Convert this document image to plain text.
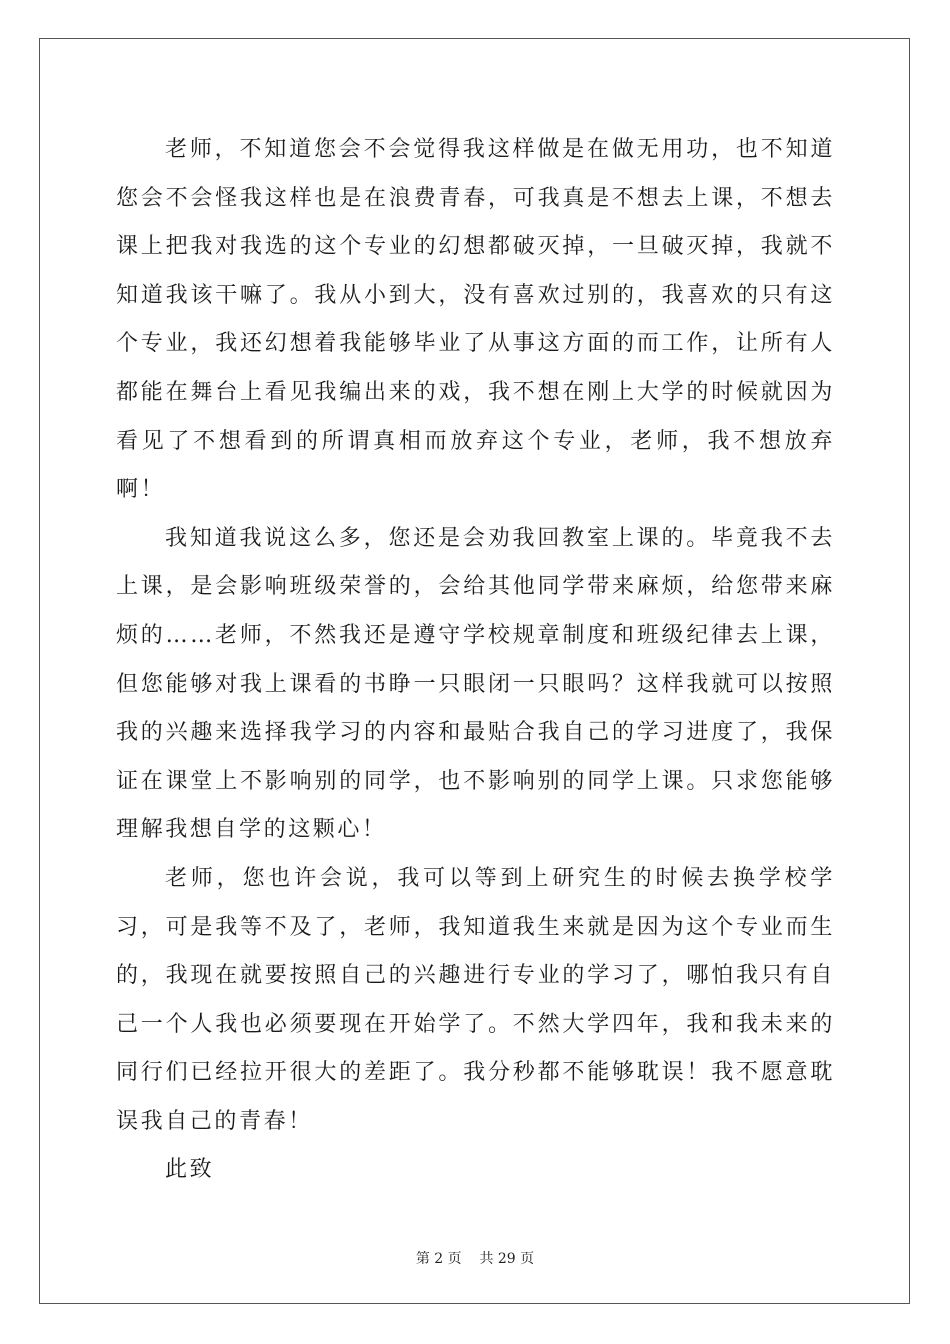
老师，不知道您会不会觉得我这样做是在做无用功，也不知道您会不会怪我这样也是在浪费青春，可我真是不想去上课，不想去课上把我对我选的这个专业的幻想都破灭掉，一旦破灭掉，我就不知道我该干嘛了。我从小到大，没有喜欢过别的，我喜欢的只有这个专业，我还幻想着我能够毕业了从事这方面的而工作，让所有人都能在舞台上看见我编出来的戏，我不想在刚上大学的时候就因为看见了不想看到的所谓真相而放弃这个专业，老师，我不想放弃啊！

我知道我说这么多，您还是会劝我回教室上课的。毕竟我不去上课，是会影响班级荣誉的，会给其他同学带来麻烦，给您带来麻烦的……老师，不然我还是遵守学校规章制度和班级纪律去上课，但您能够对我上课看的书睁一只眼闭一只眼吗？这样我就可以按照我的兴趣来选择我学习的内容和最贴合我自己的学习进度了，我保证在课堂上不影响别的同学，也不影响别的同学上课。只求您能够理解我想自学的这颗心！

老师，您也许会说，我可以等到上研究生的时候去换学校学习，可是我等不及了，老师，我知道我生来就是因为这个专业而生的，我现在就要按照自己的兴趣进行专业的学习了，哪怕我只有自己一个人我也必须要现在开始学了。不然大学四年，我和我未来的同行们已经拉开很大的差距了。我分秒都不能够耽误！我不愿意耽误我自己的青春！

此致

第 2 页 共 29 页
